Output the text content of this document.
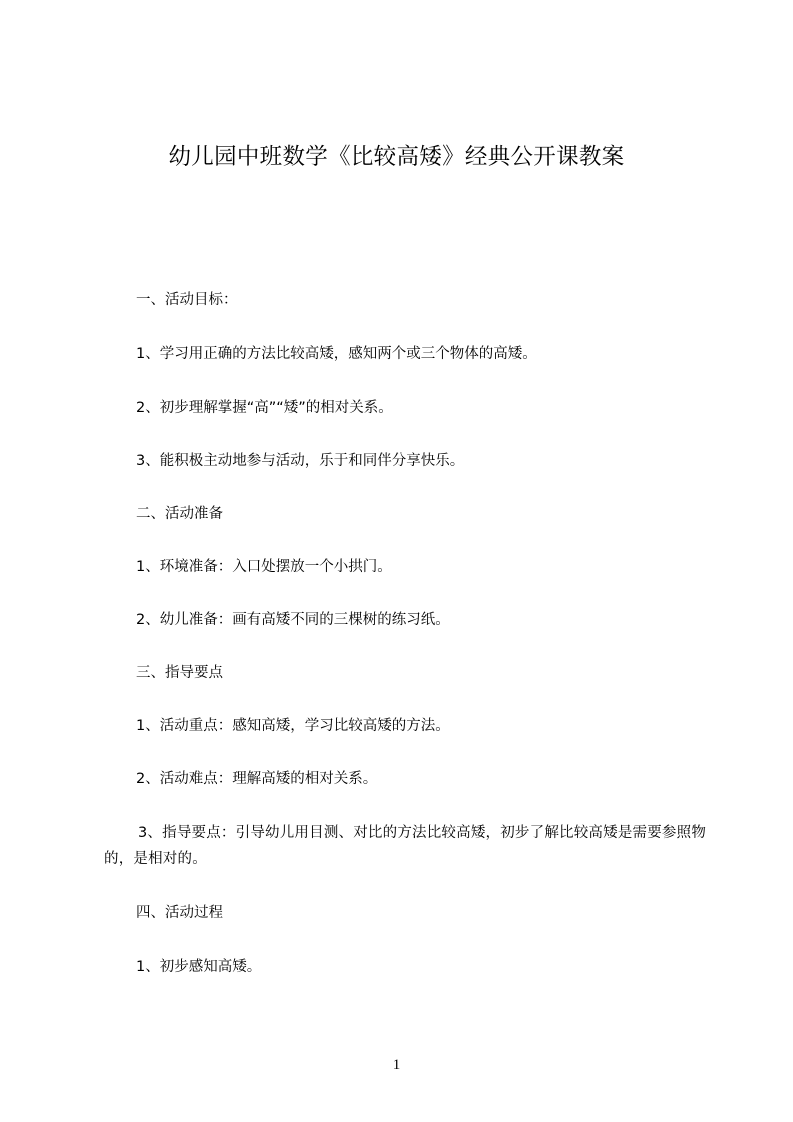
幼儿园中班数学《比较高矮》经典公开课教案

一、活动目标：

1、学习用正确的方法比较高矮，感知两个或三个物体的高矮。

2、初步理解掌握“高”“矮”的相对关系。

3、能积极主动地参与活动，乐于和同伴分享快乐。

二、活动准备

1、环境准备：入口处摆放一个小拱门。

2、幼儿准备：画有高矮不同的三棵树的练习纸。

三、指导要点

1、活动重点：感知高矮，学习比较高矮的方法。

2、活动难点：理解高矮的相对关系。

3、指导要点：引导幼儿用目测、对比的方法比较高矮，初步了解比较高矮是需要参照物的，是相对的。

四、活动过程

1、初步感知高矮。

1
